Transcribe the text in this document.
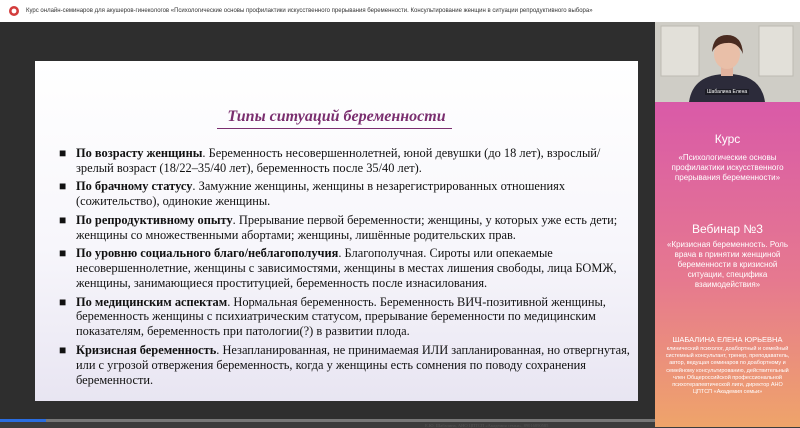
Курс онлайн-семинаров для акушеров-гинекологов «Психологические основы профилактики искусственного прерывания беременности. Консультирование женщин в ситуации репродуктивного выбора»
Типы ситуаций беременности
■ По возрасту женщины. Беременность несовершеннолетней, юной девушки (до 18 лет), взрослый/зрелый возраст (18/22–35/40 лет), беременность после 35/40 лет).
■ По брачному статусу. Замужние женщины, женщины в незарегистрированных отношениях (сожительство), одинокие женщины.
■ По репродуктивному опыту. Прерывание первой беременности; женщины, у которых уже есть дети; женщины со множественными абортами; женщины, лишённые родительских прав.
■ По уровню социального благо/неблагополучия. Благополучная. Сироты или опекаемые несовершеннолетние, женщины с зависимостями, женщины в местах лишения свободы, лица БОМЖ, женщины, занимающиеся проституцией, беременность после изнасилования.
■ По медицинским аспектам. Нормальная беременность. Беременность ВИЧ-позитивной женщины, беременность женщины с психиатрическим статусом, прерывание беременности по медицинским показателям, беременность при патологии(?) в развитии плода.
■ Кризисная беременность. Незапланированная, не принимаемая ИЛИ запланированная, но отвергнутая, или с угрозой отвержения беременность, когда у женщины есть сомнения по поводу сохранения беременности.
Е.Ю. Шабалина, АНО ЦПТСП «Академия семьи», 89016890585
Шабалина Елена
Курс
«Психологические основы профилактики искусственного прерывания беременности»
Вебинар №3
«Кризисная беременность. Роль врача в принятии женщиной беременности в кризисной ситуации, специфика взаимодействия»
ШАБАЛИНА ЕЛЕНА ЮРЬЕВНА
клинический психолог, доабортный и семейный системный консультант, тренер, преподаватель, автор, ведущая семинаров по доабортному и семейному консультированию, действительный член Общероссийской профессиональной психотерапевтической лиги, директор АНО ЦПТСП «Академия семьи»
